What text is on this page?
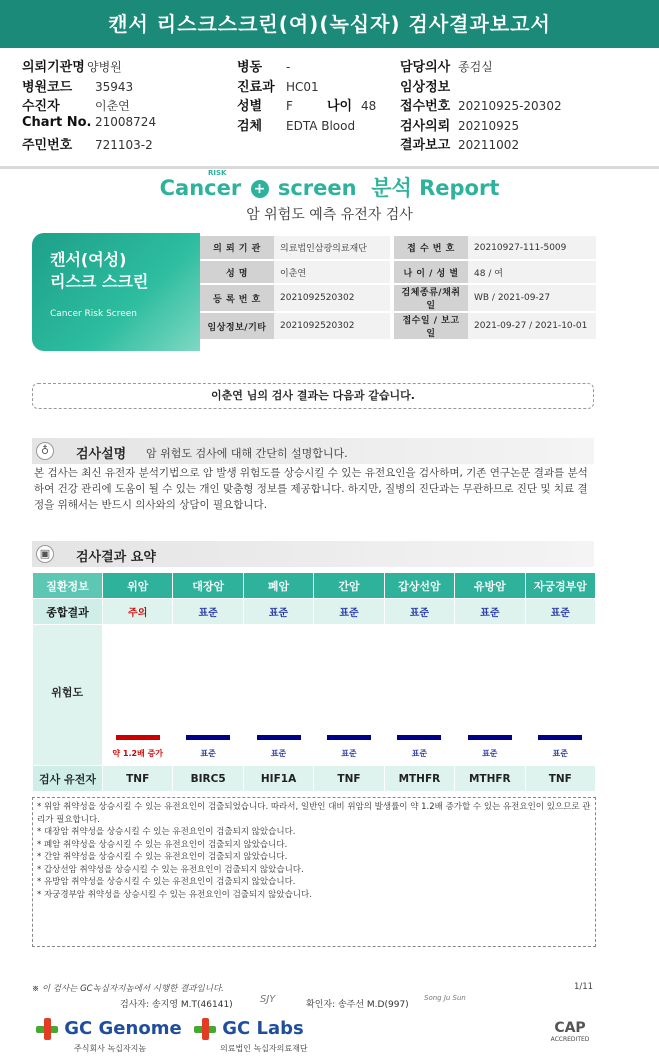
캔서 리스크스크린(여)(녹십자) 검사결과보고서
의뢰기관명 양병원
병원코드 35943
수진자	이춘연
Chart No. 21008724
주민번호 721103-2
병동 -
진료과 HC01
성별 F	나이 48
검체 EDTA Blood
담당의사 종검실
임상정보
접수번호 20210925-20302
검사의뢰 20210925
결과보고 20211002
Cancer + screen 분석 Report
RISK
암 위험도 예측 유전자 검사
캔서(여성)
리스크 스크린
Cancer Risk Screen
의 뢰 기 관	의료법인삼광의료재단		접 수 번 호	20210927-111-5009
성 명	이춘연		나 이 / 성 별	48 / 여
등 록 번 호	2021092520302		검체종류/채취일	WB / 2021-09-27
임상정보/기타	2021092520302		접수일 / 보고일	2021-09-27 / 2021-10-01
이춘연 님의 검사 결과는 다음과 같습니다.
♁	검사설명 암 위험도 검사에 대해 간단히 설명합니다.
본 검사는 최신 유전자 분석기법으로 암 발생 위험도를 상승시킬 수 있는 유전요인을 검사하며, 기존 연구논문 결과를 분석하여 건강 관리에 도움이 될 수 있는 개인 맞춤형 정보를 제공합니다. 하지만, 질병의 진단과는 무관하므로 진단 및 치료 결정을 위해서는 반드시 의사와의 상담이 필요합니다.
▣ 검사결과 요약
질환정보	위암	대장암	폐암	간암	갑상선암	유방암	자궁경부암
종합결과	주의	표준	표준	표준	표준	표준	표준
위험도	약 1.2배 증가	표준	표준	표준	표준	표준	표준
검사 유전자	TNF	BIRC5	HIF1A	TNF	MTHFR	MTHFR	TNF
* 위암 취약성을 상승시킬 수 있는 유전요인이 검출되었습니다. 따라서, 일반인 대비 위암의 발생률이 약 1.2배 증가할 수 있는 유전요인이 있으므로 관리가 필요합니다.
* 대장암 취약성을 상승시킬 수 있는 유전요인이 검출되지 않았습니다.
* 폐암 취약성을 상승시킬 수 있는 유전요인이 검출되지 않았습니다.
* 간암 취약성을 상승시킬 수 있는 유전요인이 검출되지 않았습니다.
* 갑상선암 취약성을 상승시킬 수 있는 유전요인이 검출되지 않았습니다.
* 유방암 취약성을 상승시킬 수 있는 유전요인이 검출되지 않았습니다.
* 자궁경부암 취약성을 상승시킬 수 있는 유전요인이 검출되지 않았습니다.
※ 이 검사는 GC녹십자지놈에서 시행한 결과입니다.	1/11
검사자: 송지영 M.T(46141)	SJY	확인자: 송주선 M.D(997)
Song Ju Sun
GC Genome
주식회사 녹십자지놈
GC Labs
의료법인 녹십자의료재단
CAP
ACCREDITED
